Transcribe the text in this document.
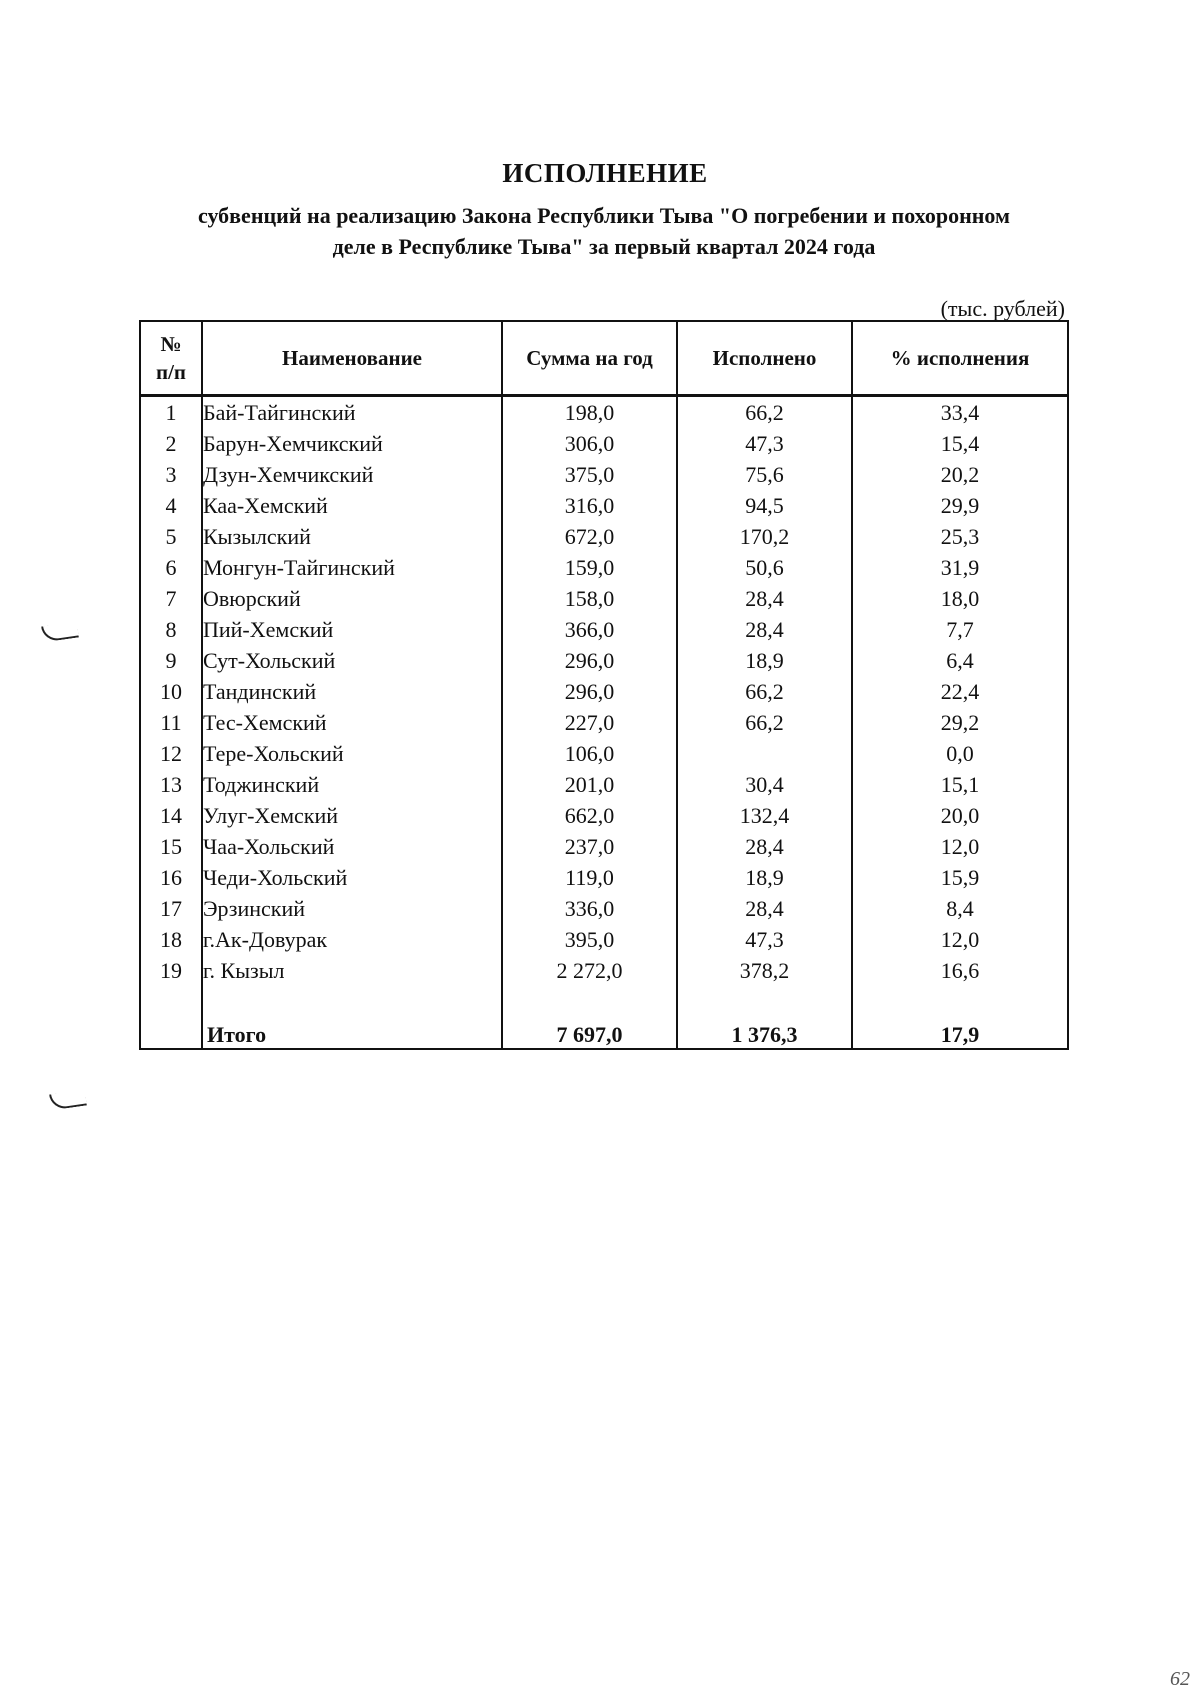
ИСПОЛНЕНИЕ
субвенций на реализацию Закона Республики Тыва "О погребении и похоронном
деле в Республике Тыва" за первый квартал 2024 года
(тыс. рублей)
№ п/п	Наименование	Сумма на год	Исполнено	% исполнения
1	Бай-Тайгинский	198,0	66,2	33,4
2	Барун-Хемчикский	306,0	47,3	15,4
3	Дзун-Хемчикский	375,0	75,6	20,2
4	Каа-Хемский	316,0	94,5	29,9
5	Кызылский	672,0	170,2	25,3
6	Монгун-Тайгинский	159,0	50,6	31,9
7	Овюрский	158,0	28,4	18,0
8	Пий-Хемский	366,0	28,4	7,7
9	Сут-Хольский	296,0	18,9	6,4
10	Тандинский	296,0	66,2	22,4
11	Тес-Хемский	227,0	66,2	29,2
12	Тере-Хольский	106,0		0,0
13	Тоджинский	201,0	30,4	15,1
14	Улуг-Хемский	662,0	132,4	20,0
15	Чаа-Хольский	237,0	28,4	12,0
16	Чеди-Хольский	119,0	18,9	15,9
17	Эрзинский	336,0	28,4	8,4
18	г.Ак-Довурак	395,0	47,3	12,0
19	г. Кызыл	2 272,0	378,2	16,6

	Итого	7 697,0	1 376,3	17,9
62
